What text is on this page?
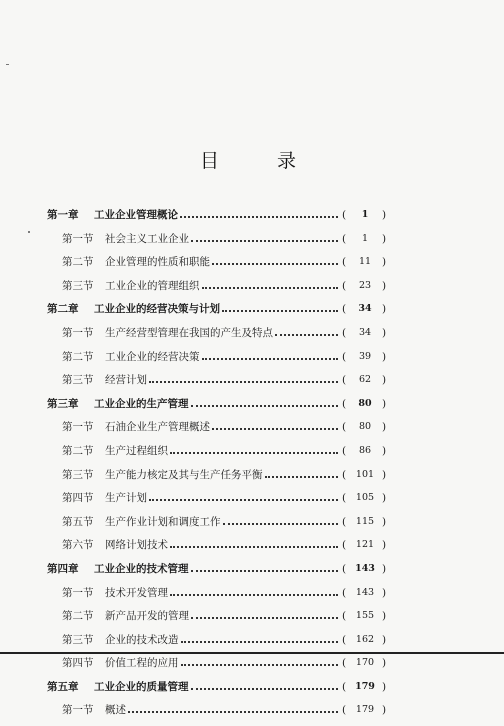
目 录
第一章 工业企业管理概论	(	1	)
第一节 社会主义工业企业	(	1	)
第二节 企业管理的性质和职能	(	11	)
第三节 工业企业的管理组织	(	23	)
第二章 工业企业的经营决策与计划	(	34 )
第一节 生产经营型管理在我国的产生及特点	(	34	)
第二节 工业企业的经营决策	(	39	)
第三节 经营计划	(	62	)
第三章 工业企业的生产管理	(	80 )
第一节 石油企业生产管理概述	(	80	)
第二节 生产过程组织	(	86	)
第三节 生产能力核定及其与生产任务平衡	(	101 )
第四节 生产计划	(	105 )
第五节 生产作业计划和调度工作	(	115 )
第六节 网络计划技术	(	121 )
第四章 工业企业的技术管理	( 143 )
第一节 技术开发管理	(	143 )
第二节 新产品开发的管理	(	155 )
第三节 企业的技术改造	(	162 )
第四节 价值工程的应用	(	170 )
第五章 工业企业的质量管理	( 179 )
第一节 概述	(	179 )
